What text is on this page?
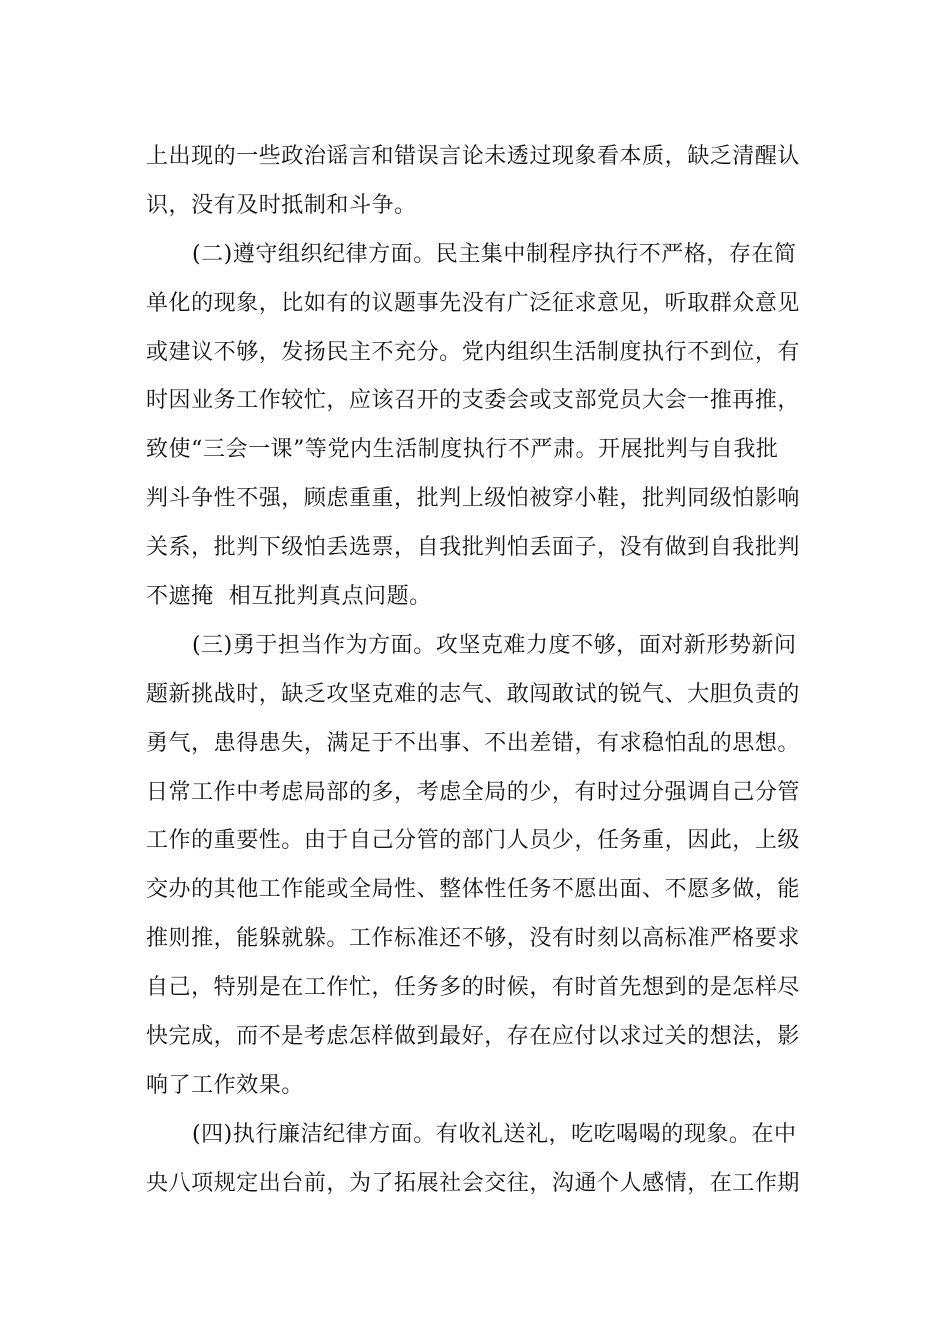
上出现的一些政治谣言和错误言论未透过现象看本质，缺乏清醒认
识，没有及时抵制和斗争。
(二)遵守组织纪律方面。民主集中制程序执行不严格，存在简
单化的现象，比如有的议题事先没有广泛征求意见，听取群众意见
或建议不够，发扬民主不充分。党内组织生活制度执行不到位，有
时因业务工作较忙，应该召开的支委会或支部党员大会一推再推，
致使“三会一课”等党内生活制度执行不严肃。开展批判与自我批
判斗争性不强，顾虑重重，批判上级怕被穿小鞋，批判同级怕影响
关系，批判下级怕丢选票，自我批判怕丢面子，没有做到自我批判
不遮掩  相互批判真点问题。
(三)勇于担当作为方面。攻坚克难力度不够，面对新形势新问
题新挑战时，缺乏攻坚克难的志气、敢闯敢试的锐气、大胆负责的
勇气，患得患失，满足于不出事、不出差错，有求稳怕乱的思想。
日常工作中考虑局部的多，考虑全局的少，有时过分强调自己分管
工作的重要性。由于自己分管的部门人员少，任务重，因此，上级
交办的其他工作能或全局性、整体性任务不愿出面、不愿多做，能
推则推，能躲就躲。工作标准还不够，没有时刻以高标准严格要求
自己，特别是在工作忙，任务多的时候，有时首先想到的是怎样尽
快完成，而不是考虑怎样做到最好，存在应付以求过关的想法，影
响了工作效果。
(四)执行廉洁纪律方面。有收礼送礼，吃吃喝喝的现象。在中
央八项规定出台前，为了拓展社会交往，沟通个人感情，在工作期
